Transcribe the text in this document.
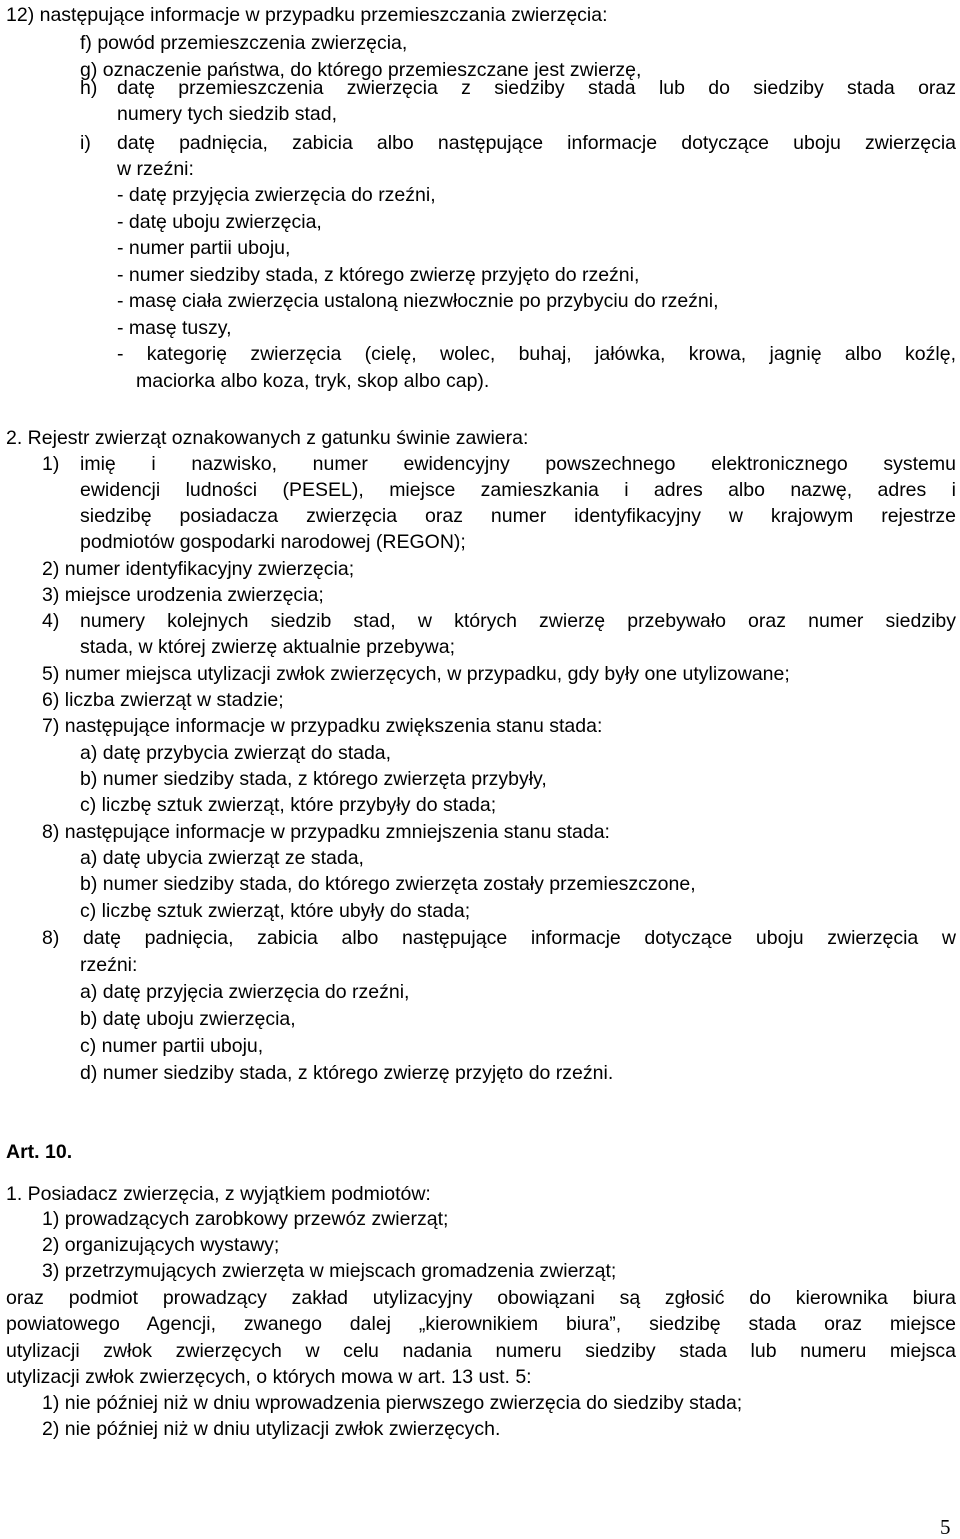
12) następujące informacje w przypadku przemieszczania zwierzęcia:
f) powód przemieszczenia zwierzęcia,
g) oznaczenie państwa, do którego przemieszczane jest zwierzę,
h) datę przemieszczenia zwierzęcia z siedziby stada lub do siedziby stada oraz
numery tych siedzib stad,
i) datę padnięcia, zabicia albo następujące informacje dotyczące uboju zwierzęcia
w rzeźni:
- datę przyjęcia zwierzęcia do rzeźni,
- datę uboju zwierzęcia,
- numer partii uboju,
- numer siedziby stada, z którego zwierzę przyjęto do rzeźni,
- masę ciała zwierzęcia ustaloną niezwłocznie po przybyciu do rzeźni,
- masę tuszy,
- kategorię zwierzęcia (cielę, wolec, buhaj, jałówka, krowa, jagnię albo koźlę,
maciorka albo koza, tryk, skop albo cap).
2. Rejestr zwierząt oznakowanych z gatunku świnie zawiera:
1) imię i nazwisko, numer ewidencyjny powszechnego elektronicznego systemu
ewidencji ludności (PESEL), miejsce zamieszkania i adres albo nazwę, adres i
siedzibę posiadacza zwierzęcia oraz numer identyfikacyjny w krajowym rejestrze
podmiotów gospodarki narodowej (REGON);
2) numer identyfikacyjny zwierzęcia;
3) miejsce urodzenia zwierzęcia;
4) numery kolejnych siedzib stad, w których zwierzę przebywało oraz numer siedziby
stada, w której zwierzę aktualnie przebywa;
5) numer miejsca utylizacji zwłok zwierzęcych, w przypadku, gdy były one utylizowane;
6) liczba zwierząt w stadzie;
7) następujące informacje w przypadku zwiększenia stanu stada:
a) datę przybycia zwierząt do stada,
b) numer siedziby stada, z którego zwierzęta przybyły,
c) liczbę sztuk zwierząt, które przybyły do stada;
8) następujące informacje w przypadku zmniejszenia stanu stada:
a) datę ubycia zwierząt ze stada,
b) numer siedziby stada, do którego zwierzęta zostały przemieszczone,
c) liczbę sztuk zwierząt, które ubyły do stada;
8) datę padnięcia, zabicia albo następujące informacje dotyczące uboju zwierzęcia w
rzeźni:
a) datę przyjęcia zwierzęcia do rzeźni,
b) datę uboju zwierzęcia,
c) numer partii uboju,
d) numer siedziby stada, z którego zwierzę przyjęto do rzeźni.
Art. 10.
1. Posiadacz zwierzęcia, z wyjątkiem podmiotów:
1) prowadzących zarobkowy przewóz zwierząt;
2) organizujących wystawy;
3) przetrzymujących zwierzęta w miejscach gromadzenia zwierząt;
oraz podmiot prowadzący zakład utylizacyjny obowiązani są zgłosić do kierownika biura
powiatowego Agencji, zwanego dalej „kierownikiem biura”, siedzibę stada oraz miejsce
utylizacji zwłok zwierzęcych w celu nadania numeru siedziby stada lub numeru miejsca
utylizacji zwłok zwierzęcych, o których mowa w art. 13 ust. 5:
1) nie później niż w dniu wprowadzenia pierwszego zwierzęcia do siedziby stada;
2) nie później niż w dniu utylizacji zwłok zwierzęcych.
5
